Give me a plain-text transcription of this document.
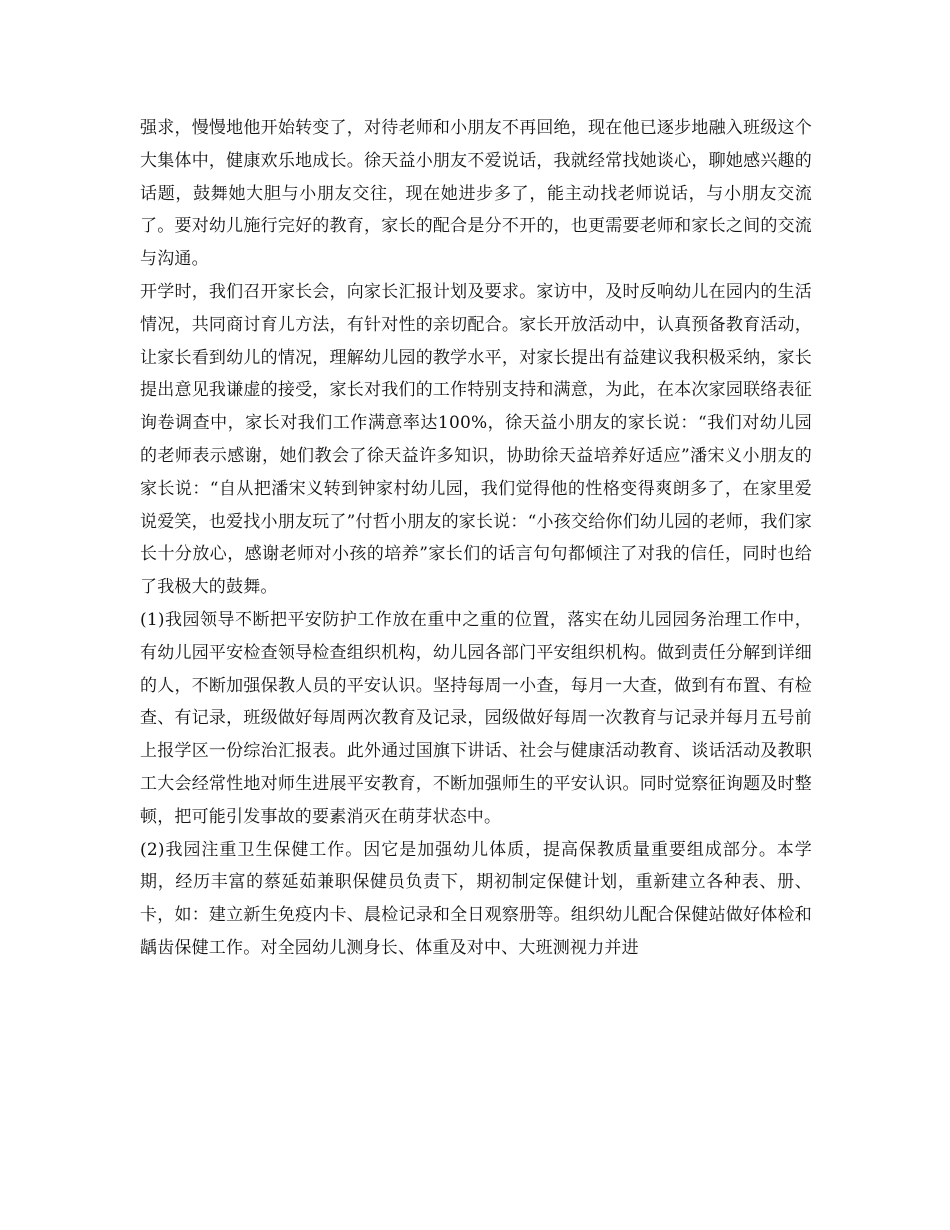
强求，慢慢地他开始转变了，对待老师和小朋友不再回绝，现在他已逐步地融入班级这个大集体中，健康欢乐地成长。徐天益小朋友不爱说话，我就经常找她谈心，聊她感兴趣的话题，鼓舞她大胆与小朋友交往，现在她进步多了，能主动找老师说话，与小朋友交流了。要对幼儿施行完好的教育，家长的配合是分不开的，也更需要老师和家长之间的交流与沟通。

开学时，我们召开家长会，向家长汇报计划及要求。家访中，及时反响幼儿在园内的生活情况，共同商讨育儿方法，有针对性的亲切配合。家长开放活动中，认真预备教育活动，让家长看到幼儿的情况，理解幼儿园的教学水平，对家长提出有益建议我积极采纳，家长提出意见我谦虚的接受，家长对我们的工作特别支持和满意，为此，在本次家园联络表征询卷调查中，家长对我们工作满意率达100%，徐天益小朋友的家长说：“我们对幼儿园的老师表示感谢，她们教会了徐天益许多知识，协助徐天益培养好适应”潘宋义小朋友的家长说：“自从把潘宋义转到钟家村幼儿园，我们觉得他的性格变得爽朗多了，在家里爱说爱笑，也爱找小朋友玩了”付哲小朋友的家长说：“小孩交给你们幼儿园的老师，我们家长十分放心，感谢老师对小孩的培养”家长们的话言句句都倾注了对我的信任，同时也给了我极大的鼓舞。

(1)我园领导不断把平安防护工作放在重中之重的位置，落实在幼儿园园务治理工作中，有幼儿园平安检查领导检查组织机构，幼儿园各部门平安组织机构。做到责任分解到详细的人，不断加强保教人员的平安认识。坚持每周一小查，每月一大查，做到有布置、有检查、有记录，班级做好每周两次教育及记录，园级做好每周一次教育与记录并每月五号前上报学区一份综治汇报表。此外通过国旗下讲话、社会与健康活动教育、谈话活动及教职工大会经常性地对师生进展平安教育，不断加强师生的平安认识。同时觉察征询题及时整顿，把可能引发事故的要素消灭在萌芽状态中。

(2)我园注重卫生保健工作。因它是加强幼儿体质，提高保教质量重要组成部分。本学期，经历丰富的蔡延茹兼职保健员负责下，期初制定保健计划，重新建立各种表、册、卡，如：建立新生免疫内卡、晨检记录和全日观察册等。组织幼儿配合保健站做好体检和龋齿保健工作。对全园幼儿测身长、体重及对中、大班测视力并进
